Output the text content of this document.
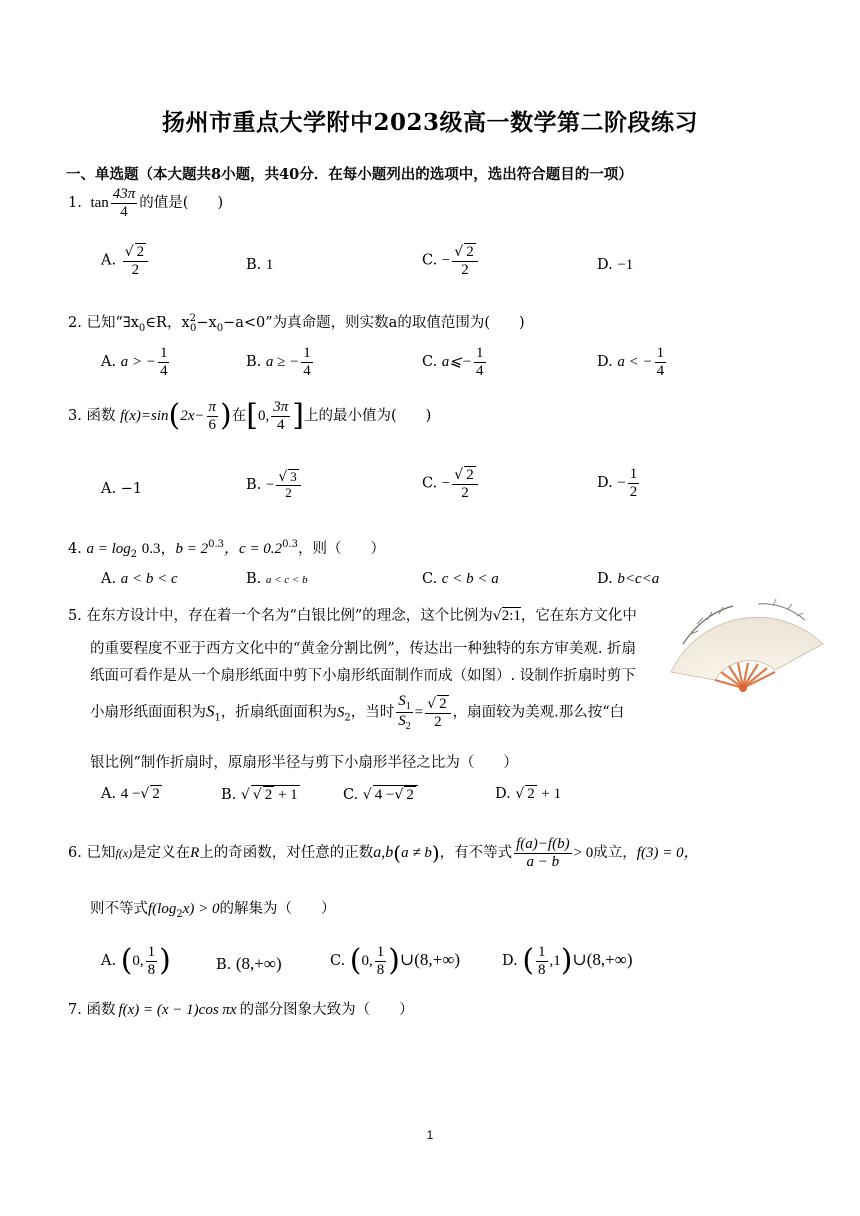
扬州市重点大学附中2023级高一数学第二阶段练习
一、单选题（本大题共8小题，共40分．在每小题列出的选项中，选出符合题目的一项）
1. $\tan \frac{43\pi}{4}$ 的值是(　　)
A. $\frac{√ 2}{2}$	B. 1	C. − $\frac{√ 2}{2}$	D. −1
2. 已知“$\exists x_0\in R$，$x^2_0-x_0-a<0$”为真命题，则实数a的取值范围为(　　)
A. a > − $\frac{1}{4}$	B. a ≥ − $\frac{1}{4}$	C. a⩽− $\frac{1}{4}$	D. a < − $\frac{1}{4}$
3. 函数 $f(x)=\sin(2x- \frac{\pi}{6}$ )在[0, $\frac{3\pi}{4}$ ]上的最小值为(　　)
A. −1	B. − $\frac{√ 3}{2}$	C. − $\frac{√ 2}{2}$	D. − $\frac{1}{2}$
4. $a = \log_2 0.3$，$b = 2^{0.3}$，$c = 0.2^{0.3}$，则（　　）
A. a < b < c	B. a < c < b	C. c < b < a	D. b<c<a
5. 在东方设计中，存在着一个名为“白银比例”的理念，这个比例为√2:1，它在东方文化中
的重要程度不亚于西方文化中的“黄金分割比例”，传达出一种独特的东方审美观. 折扇
纸面可看作是从一个扇形纸面中剪下小扇形纸面制作而成（如图）. 设制作折扇时剪下
小扇形纸面面积为$S_1$，折扇纸面面积为$S_2$，当时 $\frac{S_1}{S_2} = \frac{√ 2}{2}$ ，扇面较为美观.那么按“白
银比例”制作折扇时，原扇形半径与剪下小扇形半径之比为（　　）
A. 4 −√ 2	B. √ √ 2 + 1	C. √ 4 −√ 2	D. √ 2 + 1
6. 已知f(x)是定义在R上的奇函数，对任意的正数a,b(a ≠ b)，有不等式 $\frac{f(a)-f(b)}{a - b} > 0$成立，f(3) = 0，
则不等式$f(\log_2x) > 0$的解集为（　　）
A. (0, $\frac{1}{8}$ )	B. (8,+∞)	C. (0, $\frac{1}{8}$ )∪(8,+∞)	D. ( $\frac{1}{8}$ ,1)∪(8,+∞)
7. 函数 f(x) = (x − 1)cos πx 的部分图象大致为（　　）
1
